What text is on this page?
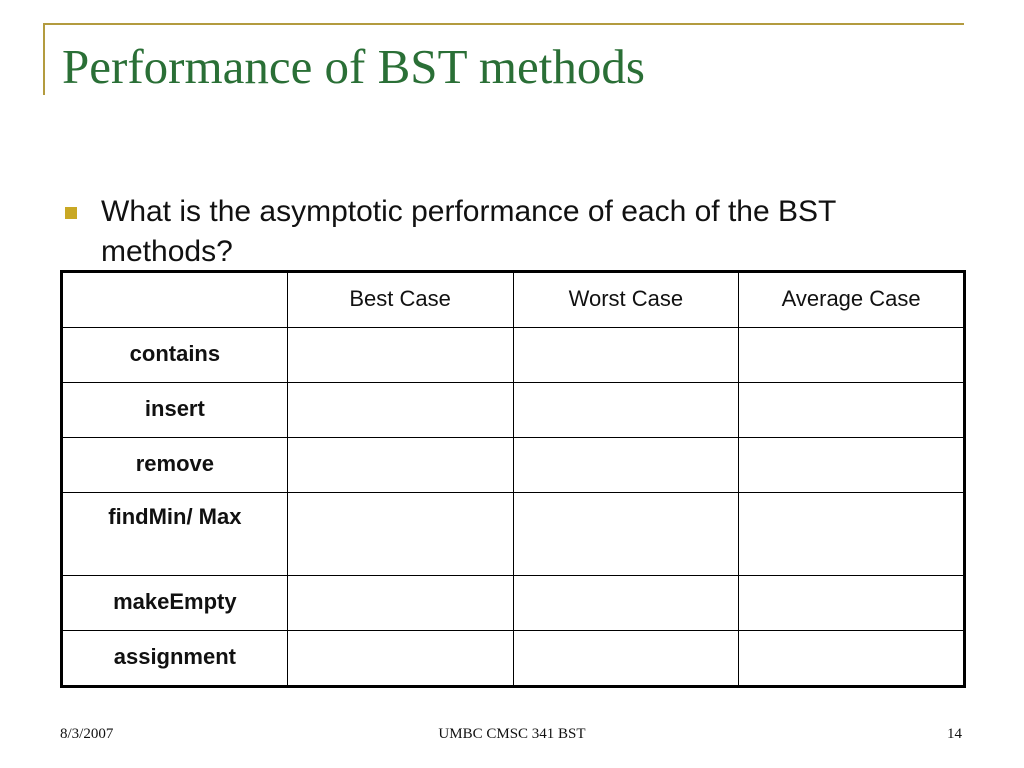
Performance of BST methods
What is the asymptotic performance of each of the BST methods?
	Best Case	Worst Case	Average Case
contains			
insert			
remove			
findMin/ Max			
makeEmpty			
assignment			
8/3/2007	UMBC CMSC 341 BST	14
